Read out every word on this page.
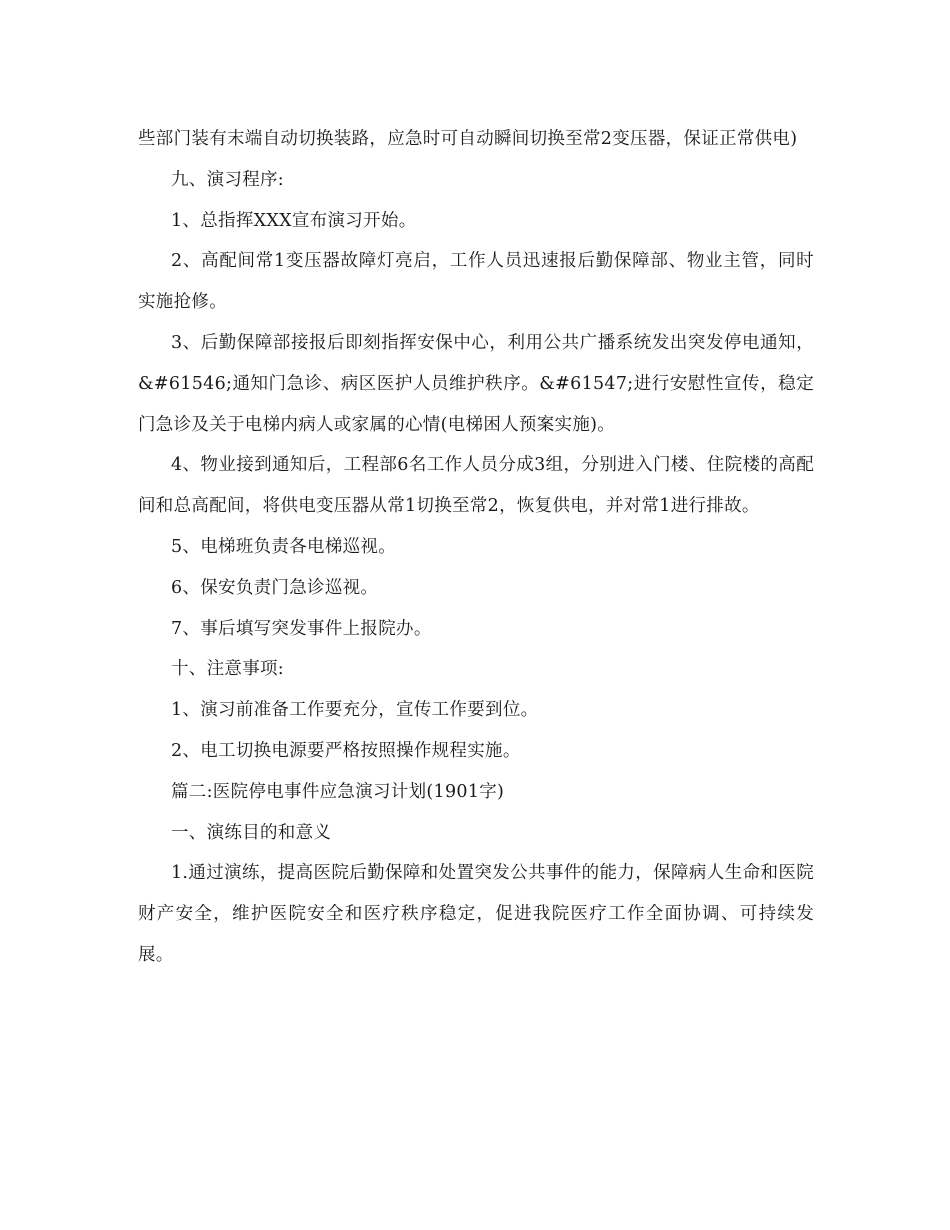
些部门装有末端自动切换装路，应急时可自动瞬间切换至常2变压器，保证正常供电)

九、演习程序:

1、总指挥XXX宣布演习开始。

2、高配间常1变压器故障灯亮启，工作人员迅速报后勤保障部、物业主管，同时实施抢修。

3、后勤保障部接报后即刻指挥安保中心，利用公共广播系统发出突发停电通知，&#61546;通知门急诊、病区医护人员维护秩序。&#61547;进行安慰性宣传，稳定门急诊及关于电梯内病人或家属的心情(电梯困人预案实施)。

4、物业接到通知后，工程部6名工作人员分成3组，分别进入门楼、住院楼的高配间和总高配间，将供电变压器从常1切换至常2，恢复供电，并对常1进行排故。

5、电梯班负责各电梯巡视。

6、保安负责门急诊巡视。

7、事后填写突发事件上报院办。

十、注意事项:

1、演习前准备工作要充分，宣传工作要到位。

2、电工切换电源要严格按照操作规程实施。

篇二:医院停电事件应急演习计划(1901字)

一、演练目的和意义

1.通过演练，提高医院后勤保障和处置突发公共事件的能力，保障病人生命和医院财产安全，维护医院安全和医疗秩序稳定，促进我院医疗工作全面协调、可持续发展。
